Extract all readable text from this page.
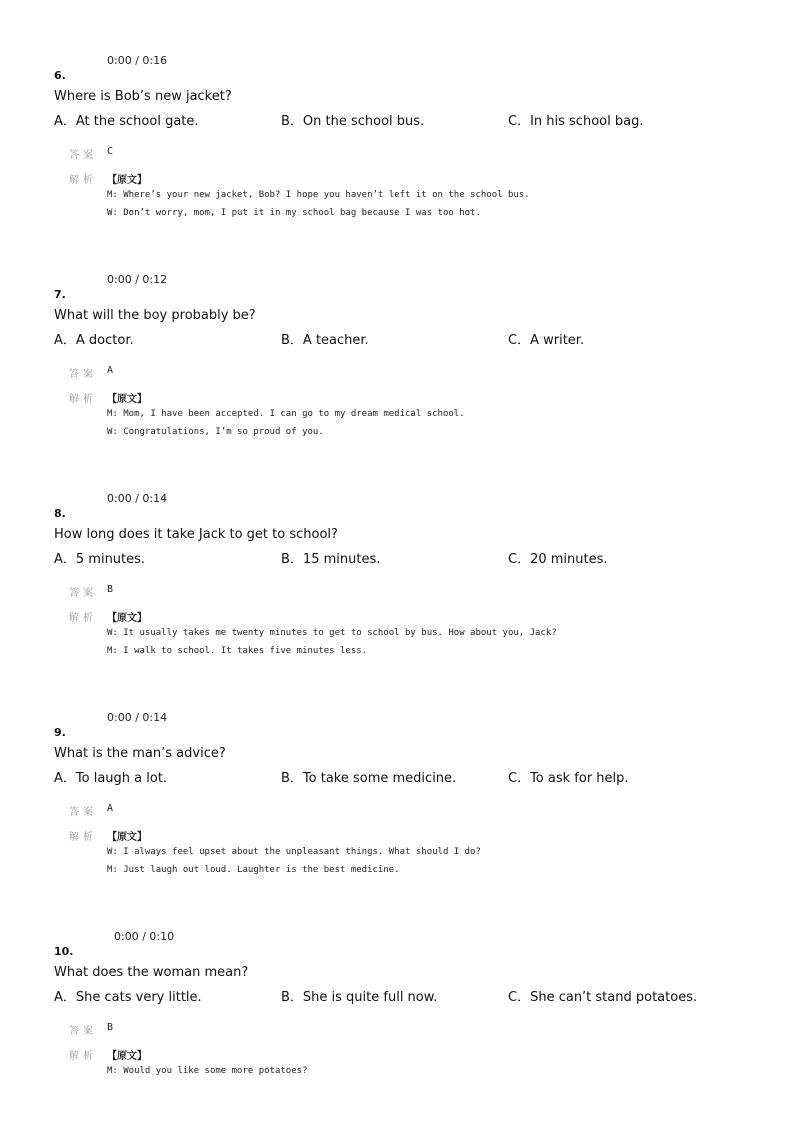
0:00 / 0:16
6.
Where is Bob’s new jacket?
A．At the school gate.	B．On the school bus.	C．In his school bag.
答案 C
解析 【原文】
M: Where’s your new jacket, Bob? I hope you haven’t left it on the school bus.
W: Don’t worry, mom, I put it in my school bag because I was too hot.
0:00 / 0:12
7.
What will the boy probably be?
A．A doctor.	B．A teacher.	C．A writer.
答案 A
解析 【原文】
M: Mom, I have been accepted. I can go to my dream medical school.
W: Congratulations, I’m so proud of you.
0:00 / 0:14
8.
How long does it take Jack to get to school?
A．5 minutes.	B．15 minutes.	C．20 minutes.
答案 B
解析 【原文】
W: It usually takes me twenty minutes to get to school by bus. How about you, Jack?
M: I walk to school. It takes five minutes less.
0:00 / 0:14
9.
What is the man’s advice?
A．To laugh a lot.	B．To take some medicine.	C．To ask for help.
答案 A
解析 【原文】
W: I always feel upset about the unpleasant things. What should I do?
M: Just laugh out loud. Laughter is the best medicine.
0:00 / 0:10
10.
What does the woman mean?
A．She cats very little.	B．She is quite full now.	C．She can’t stand potatoes.
答案 B
解析 【原文】
M: Would you like some more potatoes?
